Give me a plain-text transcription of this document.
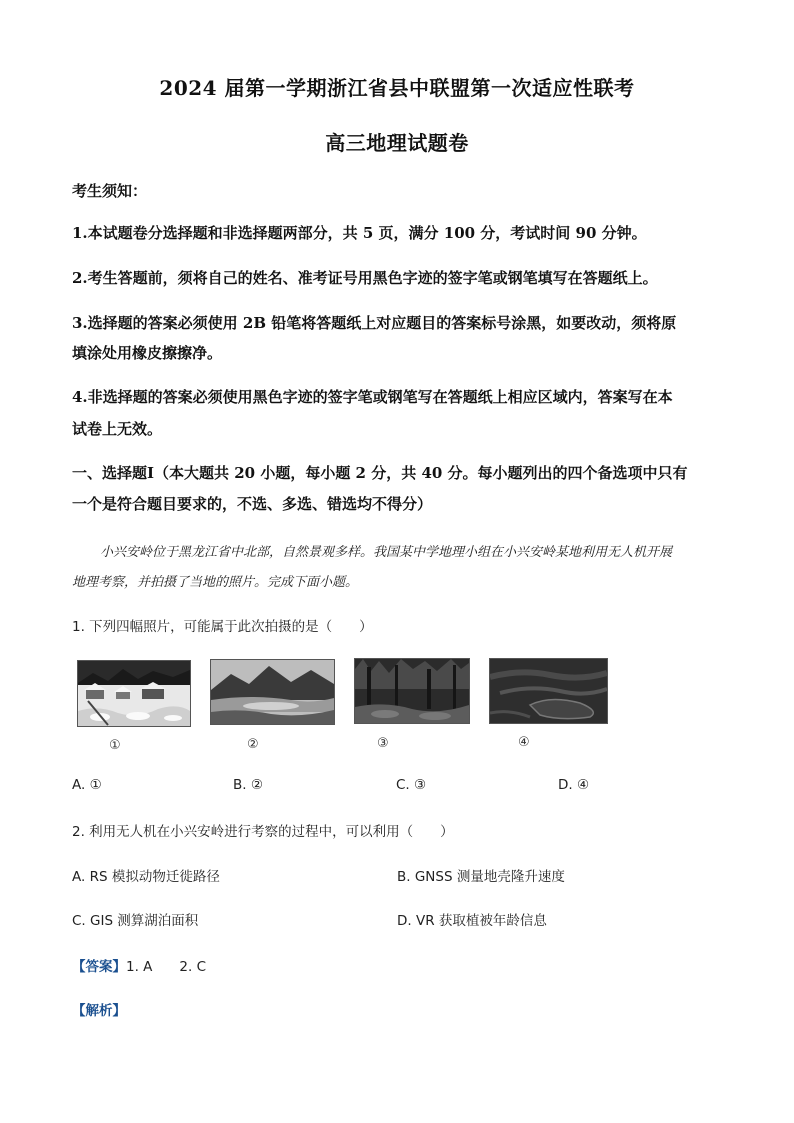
2024 届第一学期浙江省县中联盟第一次适应性联考
高三地理试题卷
考生须知：
1.本试题卷分选择题和非选择题两部分，共 5 页，满分 100 分，考试时间 90 分钟。
2.考生答题前，须将自己的姓名、准考证号用黑色字迹的签字笔或钢笔填写在答题纸上。
3.选择题的答案必须使用 2B 铅笔将答题纸上对应题目的答案标号涂黑，如要改动，须将原
填涂处用橡皮擦擦净。
4.非选择题的答案必须使用黑色字迹的签字笔或钢笔写在答题纸上相应区域内，答案写在本
试卷上无效。
一、选择题Ⅰ（本大题共 20 小题，每小题 2 分，共 40 分。每小题列出的四个备选项中只有
一个是符合题目要求的，不选、多选、错选均不得分）
小兴安岭位于黑龙江省中北部，自然景观多样。我国某中学地理小组在小兴安岭某地利用无人机开展
地理考察，并拍摄了当地的照片。完成下面小题。
1. 下列四幅照片，可能属于此次拍摄的是（　　）
①	②	③	④
A. ①	B. ②	C. ③	D. ④
2. 利用无人机在小兴安岭进行考察的过程中，可以利用（　　）
A. RS 模拟动物迁徙路径	B. GNSS 测量地壳隆升速度
C. GIS 测算湖泊面积	D. VR 获取植被年龄信息
【答案】1. A　　2. C
【解析】
